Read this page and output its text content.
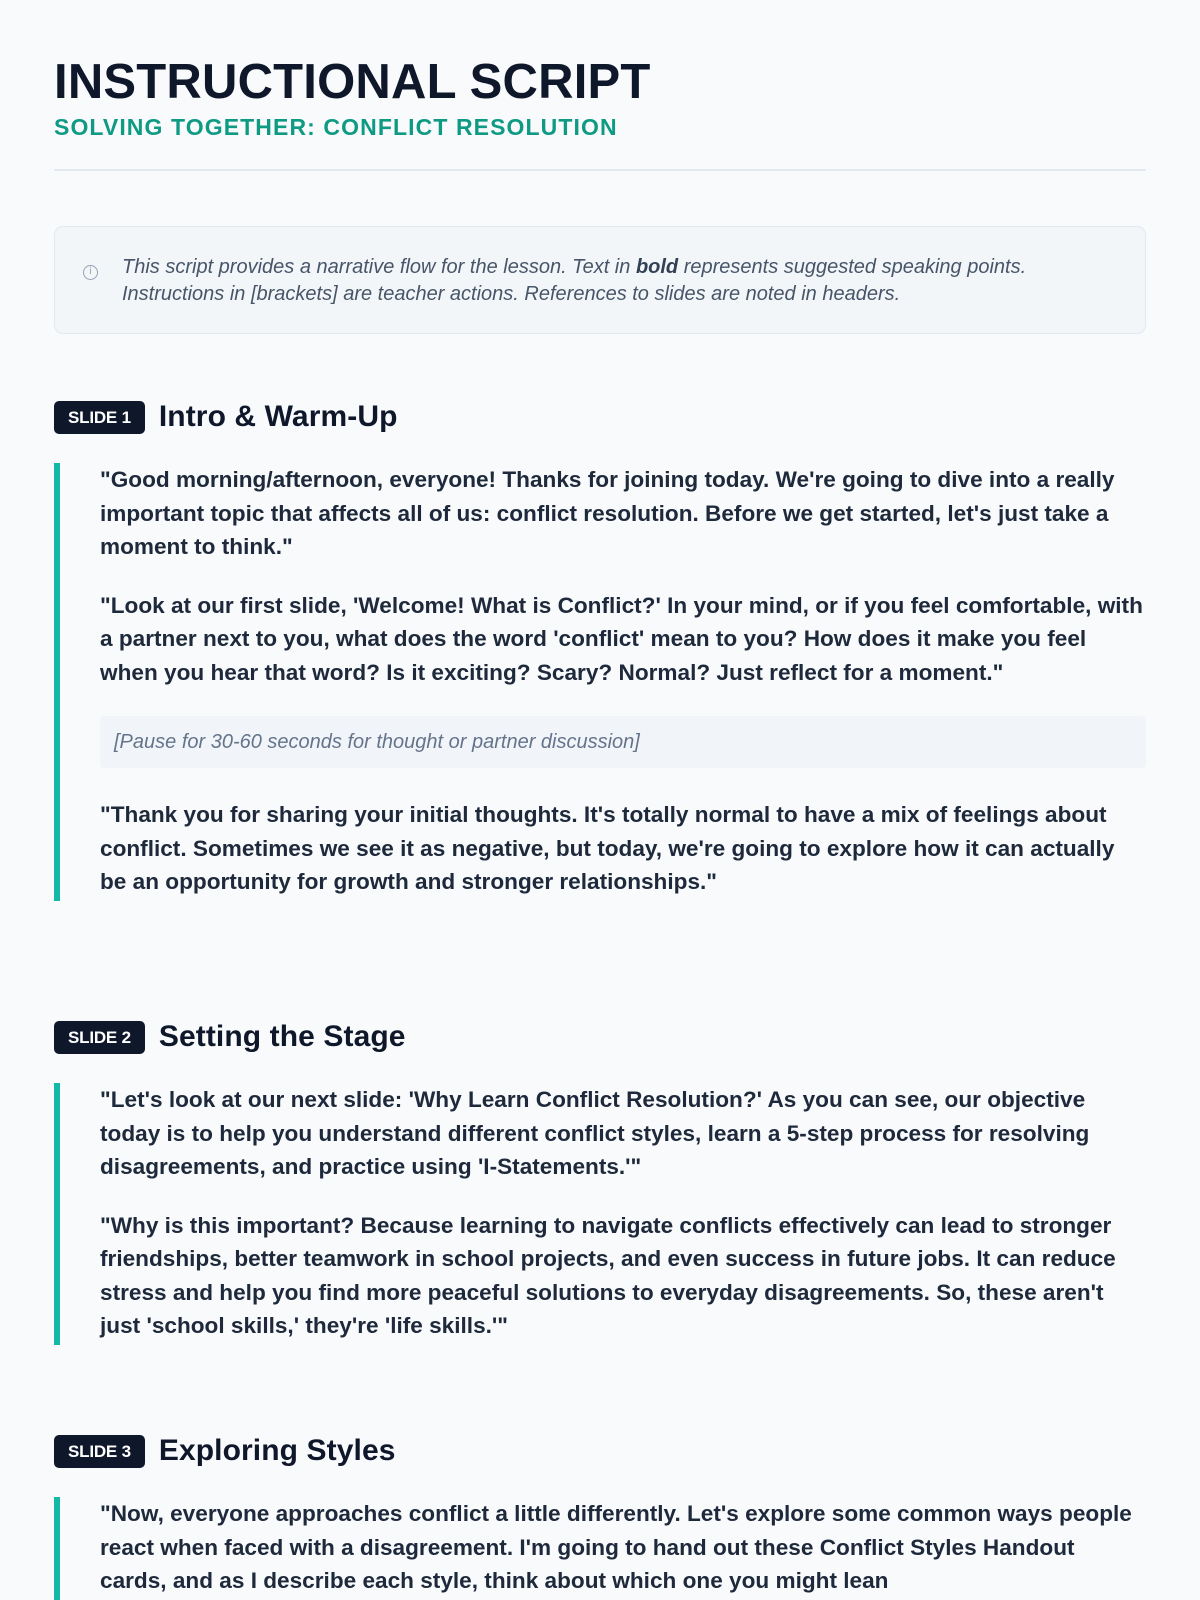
INSTRUCTIONAL SCRIPT
SOLVING TOGETHER: CONFLICT RESOLUTION
i	This script provides a narrative flow for the lesson. Text in bold represents suggested speaking points. Instructions in [brackets] are teacher actions. References to slides are noted in headers.
SLIDE 1 Intro & Warm-Up

"Good morning/afternoon, everyone! Thanks for joining today. We're going to dive into a really important topic that affects all of us: conflict resolution. Before we get started, let's just take a moment to think."

"Look at our first slide, 'Welcome! What is Conflict?' In your mind, or if you feel comfortable, with a partner next to you, what does the word 'conflict' mean to you? How does it make you feel when you hear that word? Is it exciting? Scary? Normal? Just reflect for a moment."

[Pause for 30-60 seconds for thought or partner discussion]

"Thank you for sharing your initial thoughts. It's totally normal to have a mix of feelings about conflict. Sometimes we see it as negative, but today, we're going to explore how it can actually be an opportunity for growth and stronger relationships."

SLIDE 2 Setting the Stage

"Let's look at our next slide: 'Why Learn Conflict Resolution?' As you can see, our objective today is to help you understand different conflict styles, learn a 5-step process for resolving disagreements, and practice using 'I-Statements.'"

"Why is this important? Because learning to navigate conflicts effectively can lead to stronger friendships, better teamwork in school projects, and even success in future jobs. It can reduce stress and help you find more peaceful solutions to everyday disagreements. So, these aren't just 'school skills,' they're 'life skills.'"

SLIDE 3 Exploring Styles

"Now, everyone approaches conflict a little differently. Let's explore some common ways people react when faced with a disagreement. I'm going to hand out these Conflict Styles Handout cards, and as I describe each style, think about which one you might lean
